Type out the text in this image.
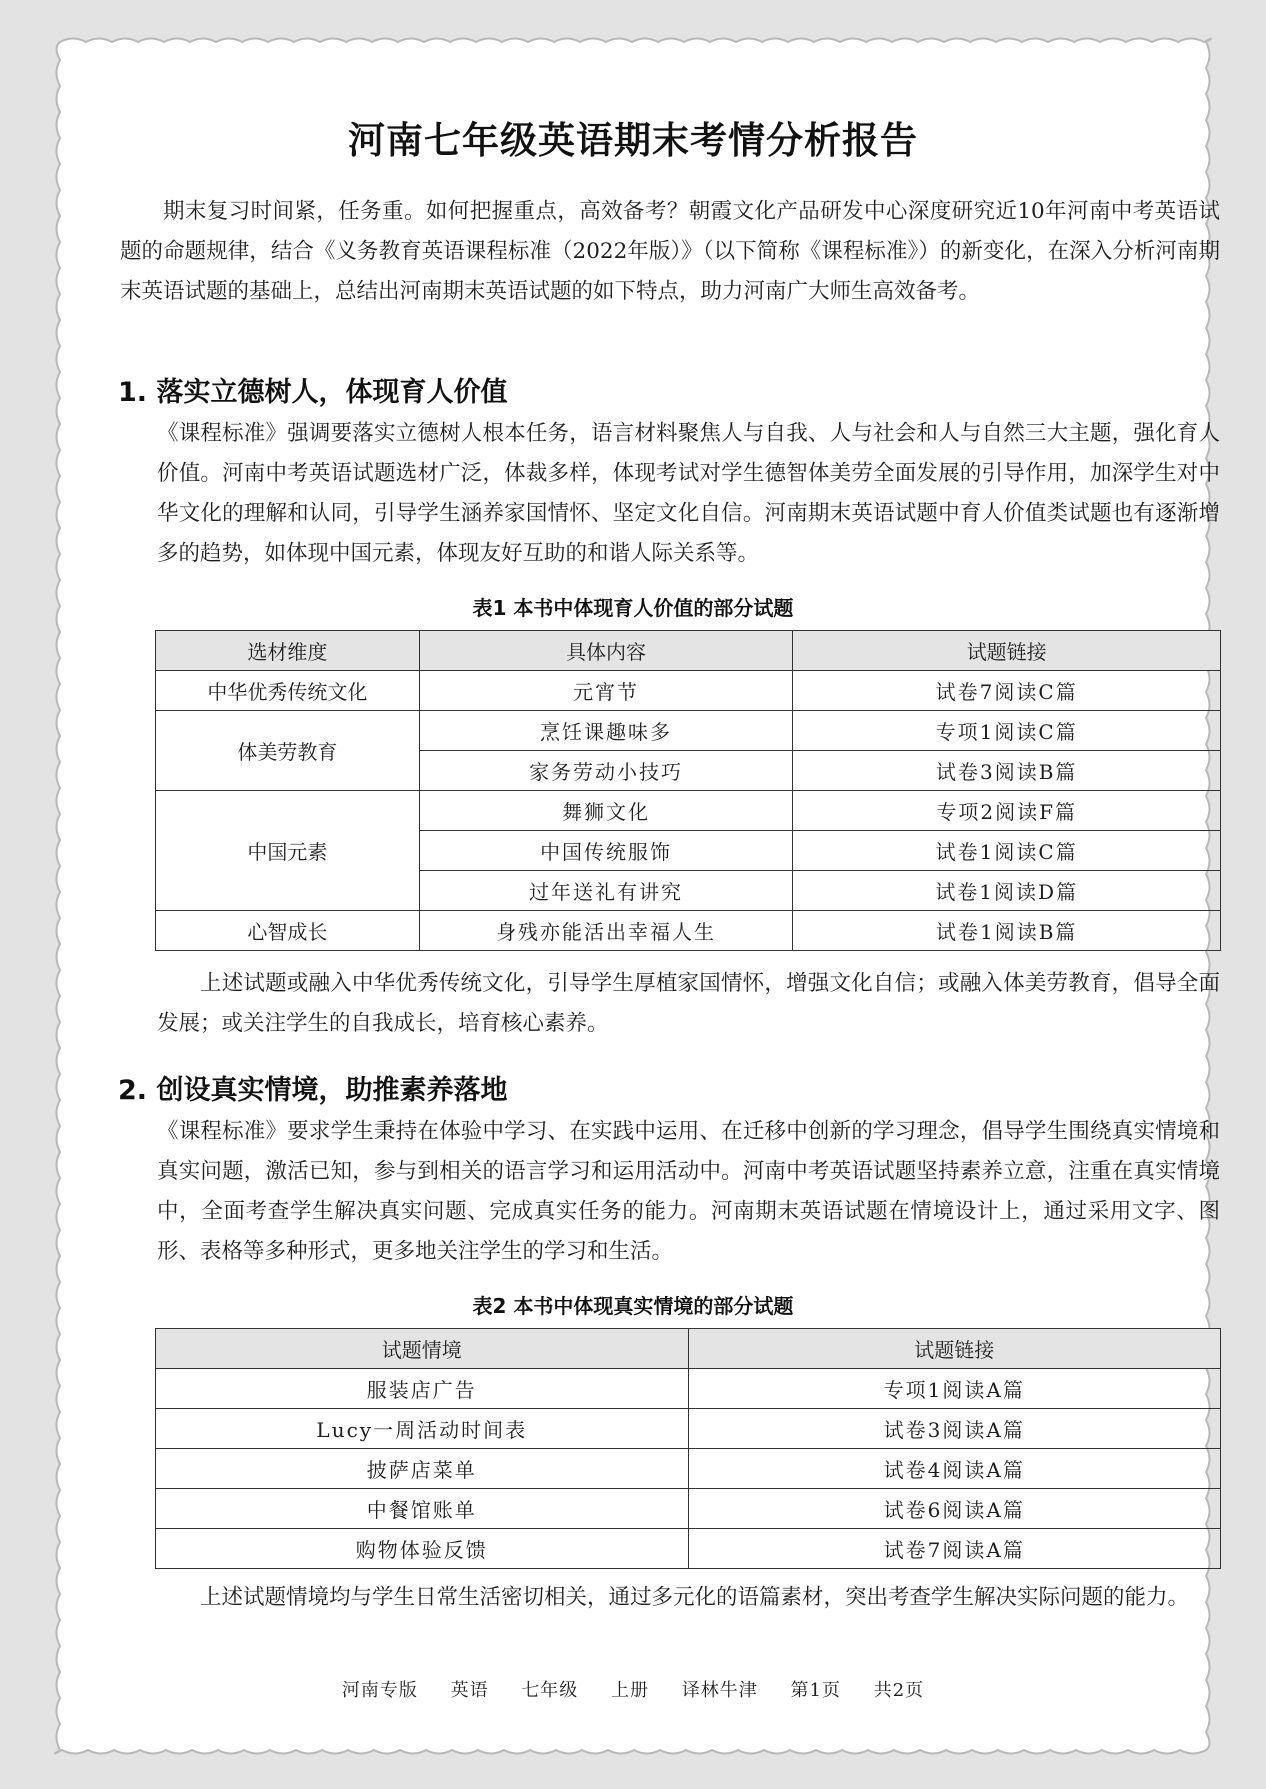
河南七年级英语期末考情分析报告
期末复习时间紧，任务重。如何把握重点，高效备考？朝霞文化产品研发中心深度研究近10年河南中考英语试题的命题规律，结合《义务教育英语课程标准（2022年版）》（以下简称《课程标准》）的新变化，在深入分析河南期末英语试题的基础上，总结出河南期末英语试题的如下特点，助力河南广大师生高效备考。
1. 落实立德树人，体现育人价值
《课程标准》强调要落实立德树人根本任务，语言材料聚焦人与自我、人与社会和人与自然三大主题，强化育人价值。河南中考英语试题选材广泛，体裁多样，体现考试对学生德智体美劳全面发展的引导作用，加深学生对中华文化的理解和认同，引导学生涵养家国情怀、坚定文化自信。河南期末英语试题中育人价值类试题也有逐渐增多的趋势，如体现中国元素，体现友好互助的和谐人际关系等。
表1 本书中体现育人价值的部分试题
选材维度	具体内容	试题链接
中华优秀传统文化	元宵节	试卷7阅读C篇
体美劳教育	烹饪课趣味多	专项1阅读C篇
	家务劳动小技巧	试卷3阅读B篇
中国元素	舞狮文化	专项2阅读F篇
	中国传统服饰	试卷1阅读C篇
	过年送礼有讲究	试卷1阅读D篇
心智成长	身残亦能活出幸福人生	试卷1阅读B篇
上述试题或融入中华优秀传统文化，引导学生厚植家国情怀，增强文化自信；或融入体美劳教育，倡导全面发展；或关注学生的自我成长，培育核心素养。
2. 创设真实情境，助推素养落地
《课程标准》要求学生秉持在体验中学习、在实践中运用、在迁移中创新的学习理念，倡导学生围绕真实情境和真实问题，激活已知，参与到相关的语言学习和运用活动中。河南中考英语试题坚持素养立意，注重在真实情境中，全面考查学生解决真实问题、完成真实任务的能力。河南期末英语试题在情境设计上，通过采用文字、图形、表格等多种形式，更多地关注学生的学习和生活。
表2 本书中体现真实情境的部分试题
试题情境	试题链接
服装店广告	专项1阅读A篇
Lucy一周活动时间表	试卷3阅读A篇
披萨店菜单	试卷4阅读A篇
中餐馆账单	试卷6阅读A篇
购物体验反馈	试卷7阅读A篇
上述试题情境均与学生日常生活密切相关，通过多元化的语篇素材，突出考查学生解决实际问题的能力。
河南专版 英语 七年级 上册 译林牛津 第1页 共2页
